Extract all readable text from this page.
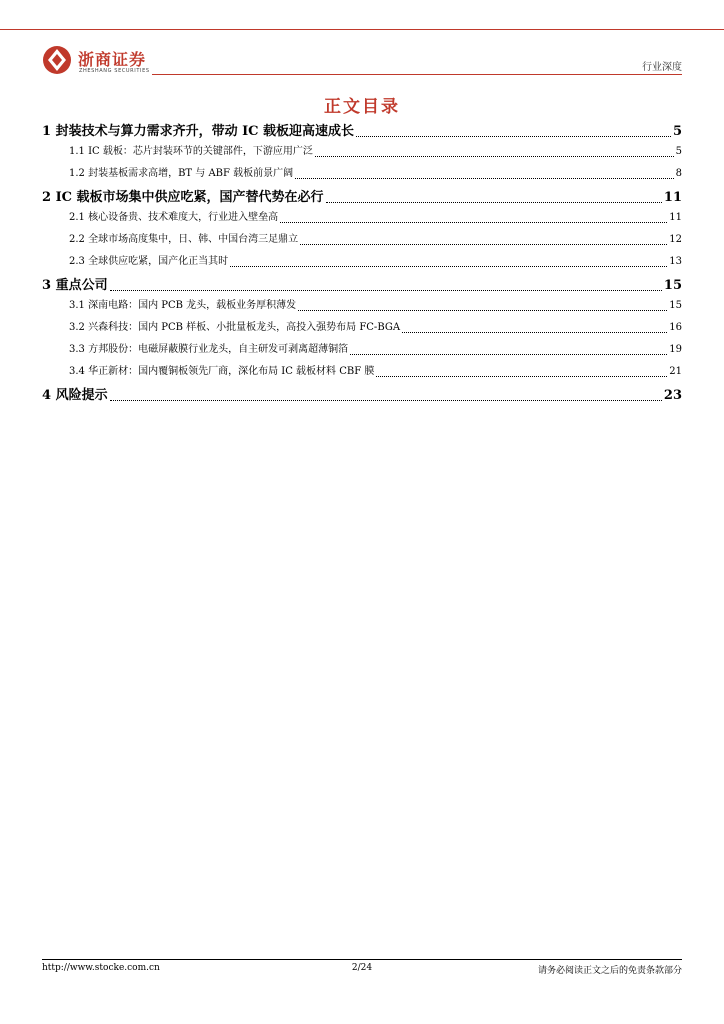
浙商证券
ZHESHANG SECURITIES	行业深度
正文目录
1 封装技术与算力需求齐升，带动 IC 载板迎高速成长	5
1.1 IC 载板：芯片封装环节的关键部件，下游应用广泛	5
1.2 封装基板需求高增，BT 与 ABF 载板前景广阔	8
2 IC 载板市场集中供应吃紧，国产替代势在必行	11
2.1 核心设备贵、技术难度大，行业进入壁垒高	11
2.2 全球市场高度集中，日、韩、中国台湾三足鼎立	12
2.3 全球供应吃紧，国产化正当其时	13
3 重点公司	15
3.1 深南电路：国内 PCB 龙头，载板业务厚积薄发	15
3.2 兴森科技：国内 PCB 样板、小批量板龙头，高投入强势布局 FC-BGA	16
3.3 方邦股份：电磁屏蔽膜行业龙头，自主研发可剥离超薄铜箔	19
3.4 华正新材：国内覆铜板领先厂商，深化布局 IC 载板材料 CBF 膜	21
4 风险提示	23
http://www.stocke.com.cn	2/24	请务必阅读正文之后的免责条款部分
